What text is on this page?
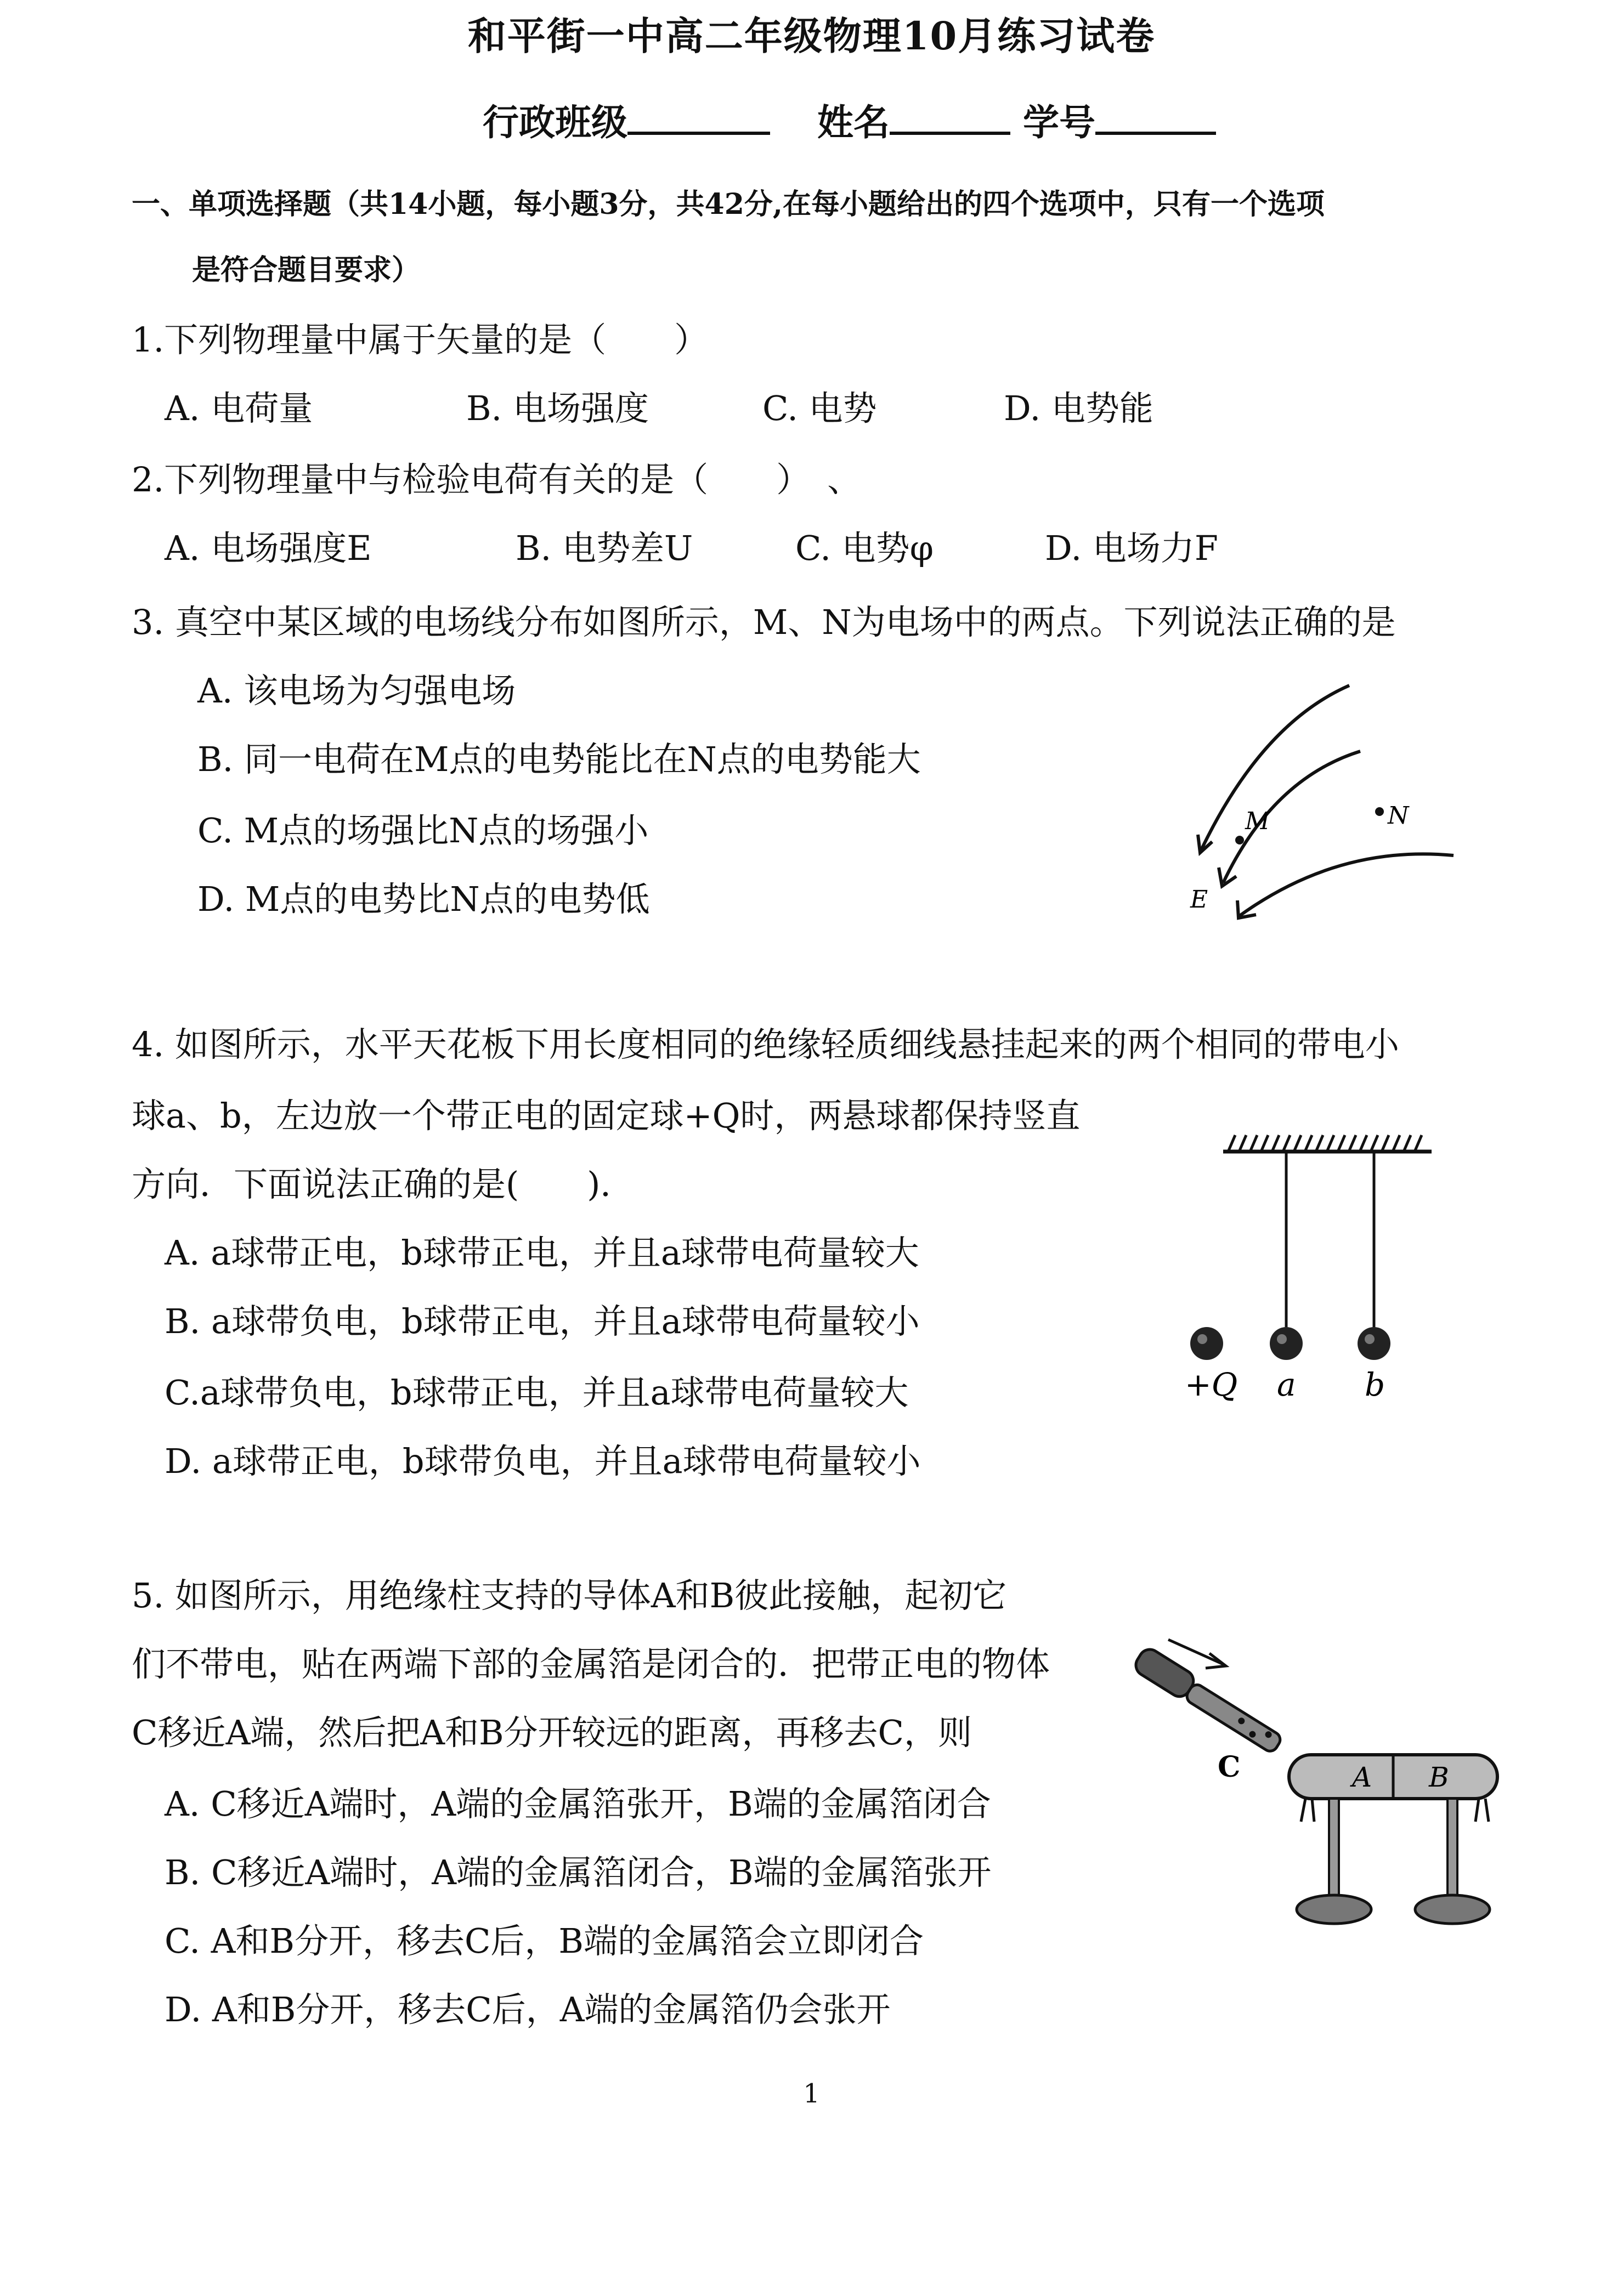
和平街一中高二年级物理10月练习试卷
行政班级	姓名	学号
一、单项选择题（共14小题，每小题3分，共42分,在每小题给出的四个选项中，只有一个选项
是符合题目要求）
1.下列物理量中属于矢量的是（　　）
A. 电荷量	B. 电场强度	C. 电势	D. 电势能
2.下列物理量中与检验电荷有关的是（　　）　、
A. 电场强度E	B. 电势差U	C. 电势φ	D. 电场力F
3. 真空中某区域的电场线分布如图所示，M、N为电场中的两点。下列说法正确的是
A. 该电场为匀强电场
B. 同一电荷在M点的电势能比在N点的电势能大
C. M点的场强比N点的场强小
D. M点的电势比N点的电势低
M	N
E
4. 如图所示，水平天花板下用长度相同的绝缘轻质细线悬挂起来的两个相同的带电小
球a、b，左边放一个带正电的固定球+Q时，两悬球都保持竖直
方向．下面说法正确的是(　　)．
A. a球带正电，b球带正电，并且a球带电荷量较大
B. a球带负电，b球带正电，并且a球带电荷量较小
C.a球带负电，b球带正电，并且a球带电荷量较大
D. a球带正电，b球带负电，并且a球带电荷量较小
+Q a b
5. 如图所示，用绝缘柱支持的导体A和B彼此接触，起初它
们不带电，贴在两端下部的金属箔是闭合的．把带正电的物体
C移近A端，然后把A和B分开较远的距离，再移去C，则
A. C移近A端时，A端的金属箔张开，B端的金属箔闭合
B. C移近A端时，A端的金属箔闭合，B端的金属箔张开
C. A和B分开，移去C后，B端的金属箔会立即闭合
D. A和B分开，移去C后，A端的金属箔仍会张开
C	A B
1
